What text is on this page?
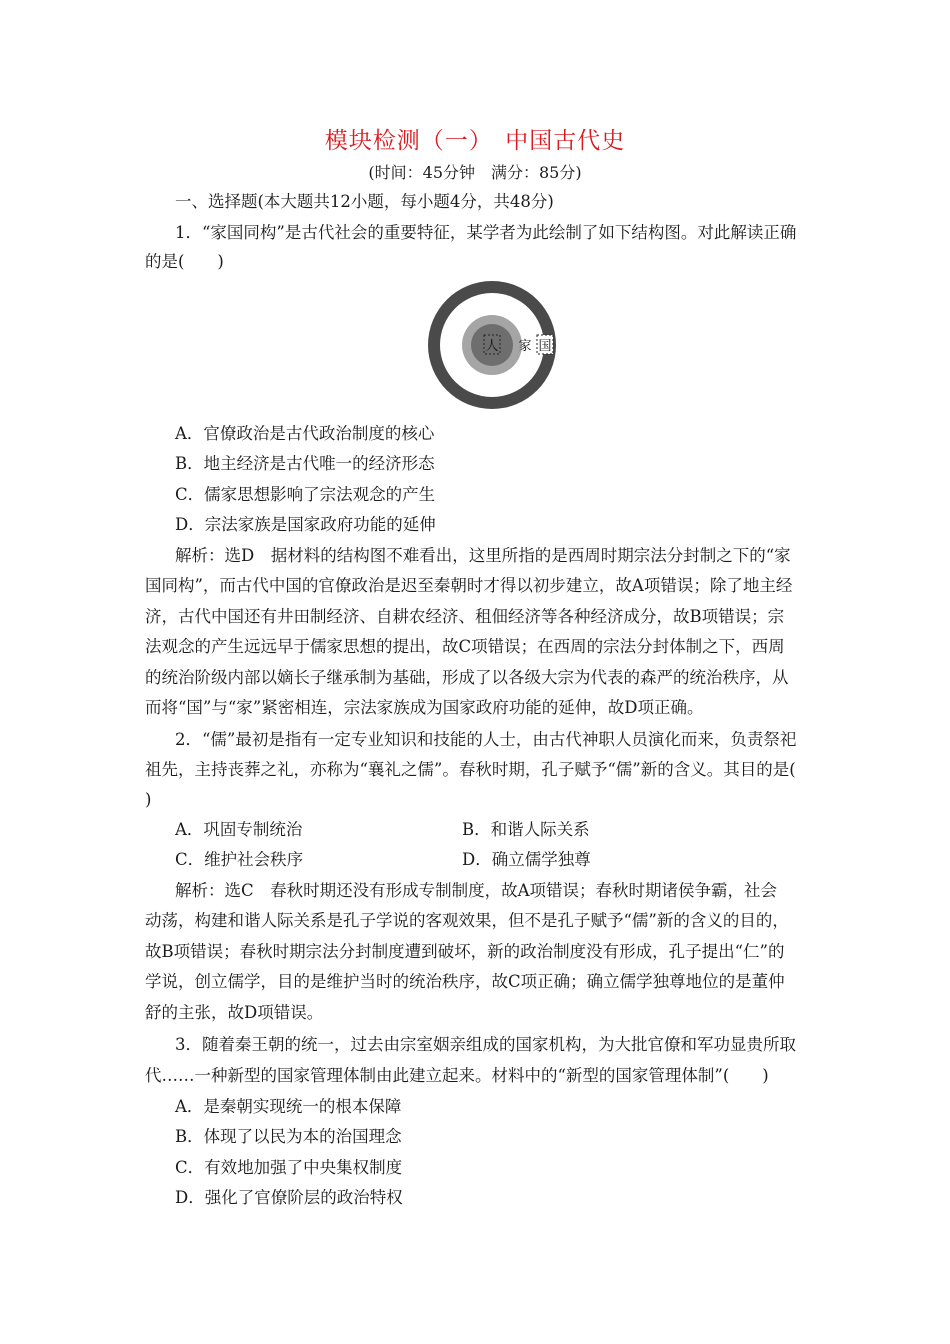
模块检测（一）　中国古代史
(时间：45分钟　满分：85分)
一、选择题(本大题共12小题，每小题4分，共48分)
1．“家国同构”是古代社会的重要特征，某学者为此绘制了如下结构图。对此解读正确
的是(　　)
人 家 国
A．官僚政治是古代政治制度的核心
B．地主经济是古代唯一的经济形态
C．儒家思想影响了宗法观念的产生
D．宗法家族是国家政府功能的延伸
解析：选D　据材料的结构图不难看出，这里所指的是西周时期宗法分封制之下的“家
国同构”，而古代中国的官僚政治是迟至秦朝时才得以初步建立，故A项错误；除了地主经
济，古代中国还有井田制经济、自耕农经济、租佃经济等各种经济成分，故B项错误；宗
法观念的产生远远早于儒家思想的提出，故C项错误；在西周的宗法分封体制之下，西周
的统治阶级内部以嫡长子继承制为基础，形成了以各级大宗为代表的森严的统治秩序，从
而将“国”与“家”紧密相连，宗法家族成为国家政府功能的延伸，故D项正确。
2．“儒”最初是指有一定专业知识和技能的人士，由古代神职人员演化而来，负责祭祀
祖先，主持丧葬之礼，亦称为“襄礼之儒”。春秋时期，孔子赋予“儒”新的含义。其目的是(
)
A．巩固专制统治	B．和谐人际关系
C．维护社会秩序	D．确立儒学独尊
解析：选C　春秋时期还没有形成专制制度，故A项错误；春秋时期诸侯争霸，社会
动荡，构建和谐人际关系是孔子学说的客观效果，但不是孔子赋予“儒”新的含义的目的，
故B项错误；春秋时期宗法分封制度遭到破坏，新的政治制度没有形成，孔子提出“仁”的
学说，创立儒学，目的是维护当时的统治秩序，故C项正确；确立儒学独尊地位的是董仲
舒的主张，故D项错误。
3．随着秦王朝的统一，过去由宗室姻亲组成的国家机构，为大批官僚和军功显贵所取
代……一种新型的国家管理体制由此建立起来。材料中的“新型的国家管理体制”(　　)
A．是秦朝实现统一的根本保障
B．体现了以民为本的治国理念
C．有效地加强了中央集权制度
D．强化了官僚阶层的政治特权
